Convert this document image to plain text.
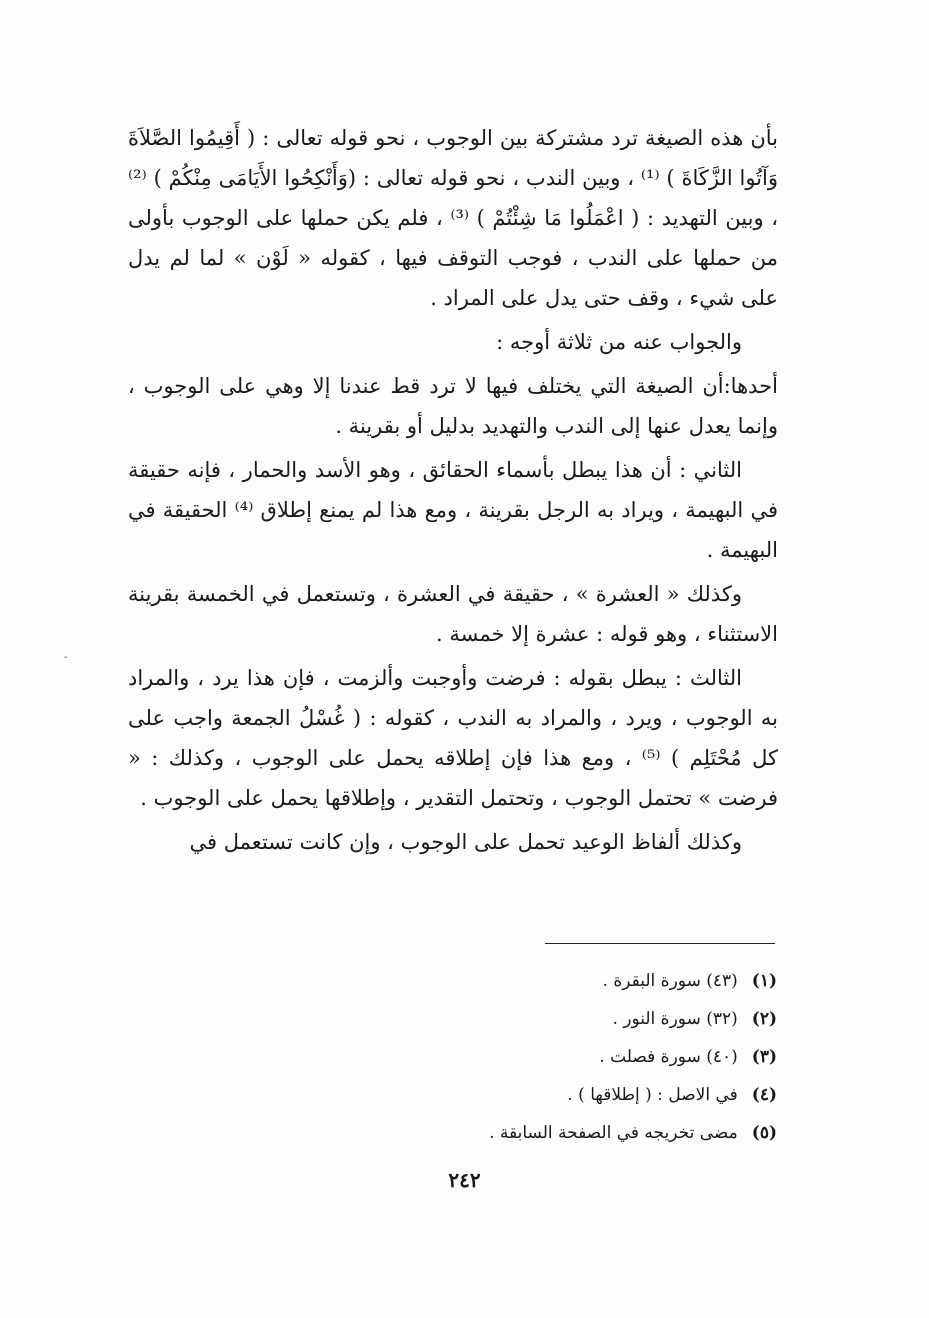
بأن هذه الصيغة ترد مشتركة بين الوجوب ، نحو قوله تعالى : ( أَقِيمُوا الصَّلاَةَ وَآتُوا الزَّكَاةَ ) ⁽¹⁾ ، وبين الندب ، نحو قوله تعالى : (وَأَنْكِحُوا الأَيَامَى مِنْكُمْ ) ⁽²⁾ ، وبين التهديد : ( اعْمَلُوا مَا شِئْتُمْ ) ⁽³⁾ ، فلم يكن حملها على الوجوب بأولى من حملها على الندب ، فوجب التوقف فيها ، كقوله « لَوْن » لما لم يدل على شيء ، وقف حتى يدل على المراد .

والجواب عنه من ثلاثة أوجه :

أحدها:أن الصيغة التي يختلف فيها لا ترد قط عندنا إلا وهي على الوجوب ، وإنما يعدل عنها إلى الندب والتهديد بدليل أو بقرينة .

الثاني : أن هذا يبطل بأسماء الحقائق ، وهو الأسد والحمار ، فإنه حقيقة في البهيمة ، ويراد به الرجل بقرينة ، ومع هذا لم يمنع إطلاق ⁽⁴⁾ الحقيقة في البهيمة .

وكذلك « العشرة » ، حقيقة في العشرة ، وتستعمل في الخمسة بقرينة الاستثناء ، وهو قوله : عشرة إلا خمسة .

الثالث : يبطل بقوله : فرضت وأوجبت وألزمت ، فإن هذا يرد ، والمراد به الوجوب ، ويرد ، والمراد به الندب ، كقوله : ( غُسْلُ الجمعة واجب على كل مُحْتَلِم ) ⁽⁵⁾ ، ومع هذا فإن إطلاقه يحمل على الوجوب ، وكذلك : « فرضت » تحتمل الوجوب ، وتحتمل التقدير ، وإطلاقها يحمل على الوجوب .

وكذلك ألفاظ الوعيد تحمل على الوجوب ، وإن كانت تستعمل في

-
(١)(٤٣) سورة البقرة .
(٢)(٣٢) سورة النور .
(٣)(٤٠) سورة فصلت .
(٤)في الاصل : ( إطلاقها ) .
(٥)مضى تخريجه في الصفحة السابقة .
٢٤٢
